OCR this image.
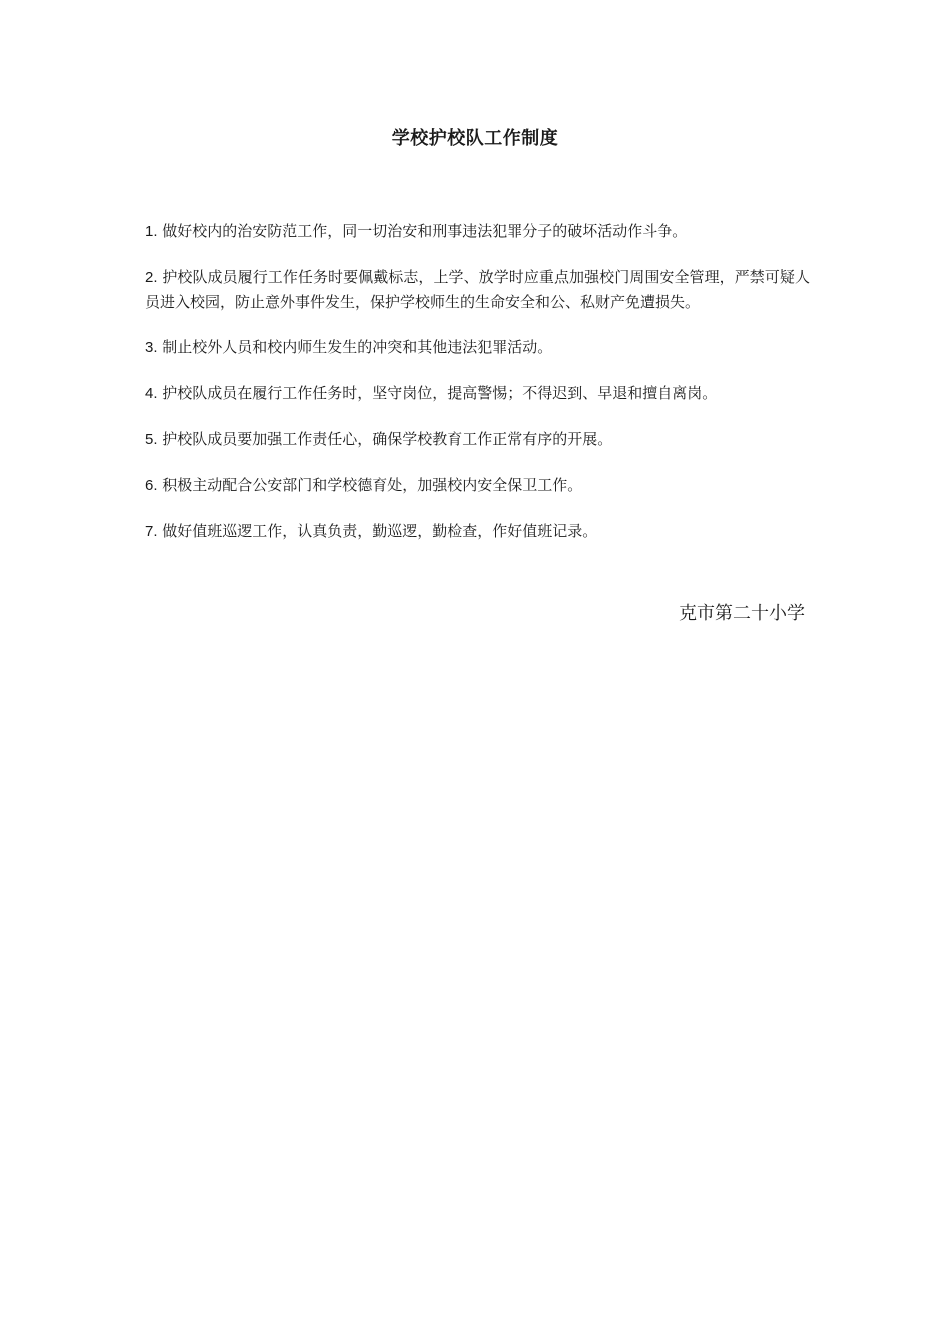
学校护校队工作制度

1. 做好校内的治安防范工作，同一切治安和刑事违法犯罪分子的破坏活动作斗争。

2. 护校队成员履行工作任务时要佩戴标志，上学、放学时应重点加强校门周围安全管理，严禁可疑人员进入校园，防止意外事件发生，保护学校师生的生命安全和公、私财产免遭损失。

3. 制止校外人员和校内师生发生的冲突和其他违法犯罪活动。

4. 护校队成员在履行工作任务时，坚守岗位，提高警惕；不得迟到、早退和擅自离岗。

5. 护校队成员要加强工作责任心，确保学校教育工作正常有序的开展。

6. 积极主动配合公安部门和学校德育处，加强校内安全保卫工作。

7. 做好值班巡逻工作，认真负责，勤巡逻，勤检查，作好值班记录。

克市第二十小学
